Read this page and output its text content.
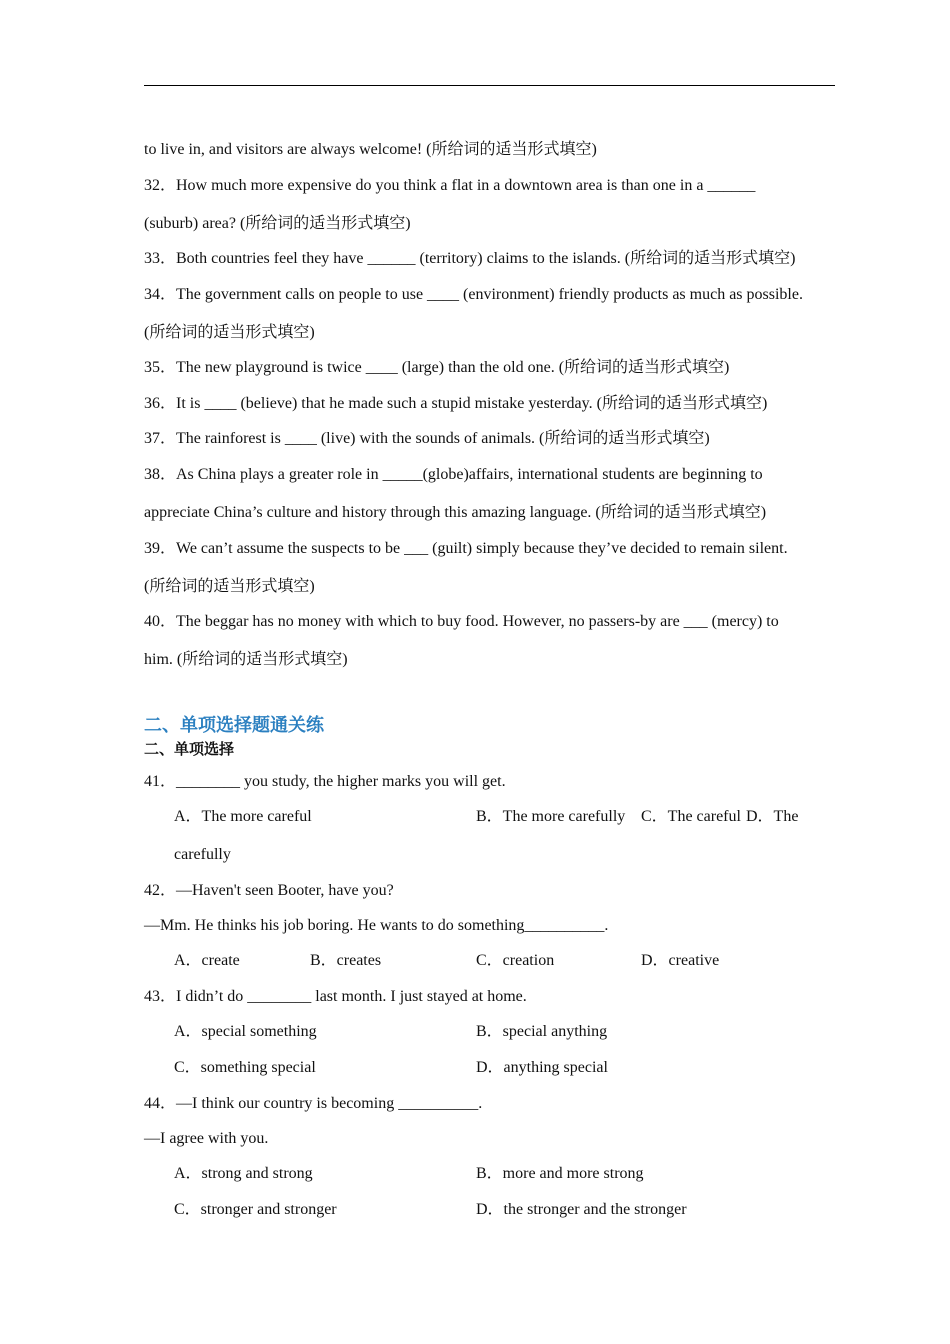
to live in, and visitors are always welcome! (所给词的适当形式填空)
32．How much more expensive do you think a flat in a downtown area is than one in a ______
(suburb) area? (所给词的适当形式填空)
33．Both countries feel they have ______ (territory) claims to the islands. (所给词的适当形式填空)
34．The government calls on people to use ____ (environment) friendly products as much as possible.
(所给词的适当形式填空)
35．The new playground is twice ____ (large) than the old one. (所给词的适当形式填空)
36．It is ____ (believe) that he made such a stupid mistake yesterday. (所给词的适当形式填空)
37．The rainforest is ____ (live) with the sounds of animals. (所给词的适当形式填空)
38．As China plays a greater role in _____(globe)affairs, international students are beginning to
appreciate China’s culture and history through this amazing language. (所给词的适当形式填空)
39．We can’t assume the suspects to be ___ (guilt) simply because they’ve decided to remain silent.
(所给词的适当形式填空)
40．The beggar has no money with which to buy food. However, no passers-by are ___ (mercy) to
him. (所给词的适当形式填空)
二、单项选择题通关练
二、单项选择
41．________ you study, the higher marks you will get.
A．The more careful	B．The more carefully C．The careful D．The
carefully
42．—Haven't seen Booter, have you?
—Mm. He thinks his job boring. He wants to do something__________.
A．create	B．creates	C．creation	D．creative
43．I didn’t do ________ last month. I just stayed at home.
A．special something	B．special anything
C．something special	D．anything special
44．—I think our country is becoming __________.
—I agree with you.
A．strong and strong	B．more and more strong
C．stronger and stronger	D．the stronger and the stronger
